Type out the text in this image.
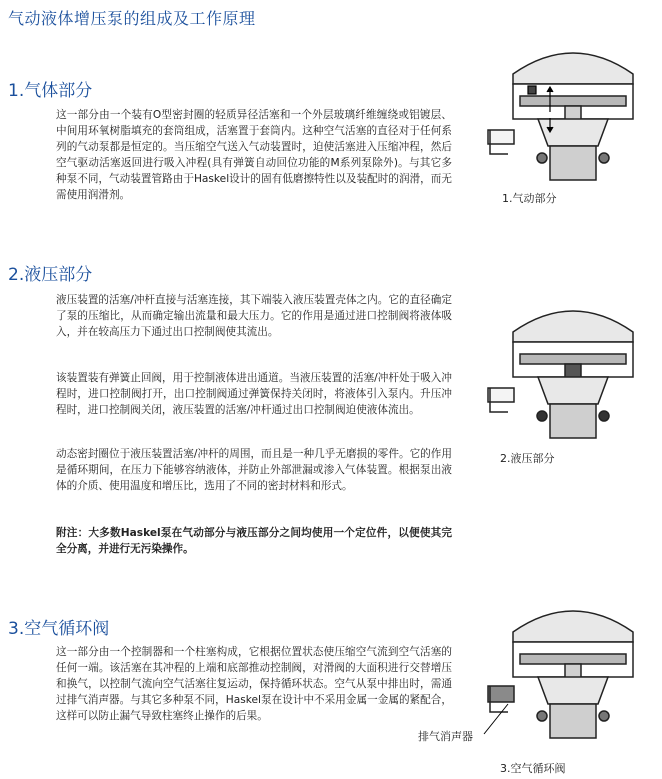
气动液体增压泵的组成及工作原理
1.气体部分

这一部分由一个装有O型密封圈的轻质异径活塞和一个外层玻璃纤维缠绕或铝镀层、中间用环氧树脂填充的套筒组成，活塞置于套筒内。这种空气活塞的直径对于任何系列的气动泵都是恒定的。当压缩空气送入气动装置时，迫使活塞进入压缩冲程，然后空气驱动活塞返回进行吸入冲程(具有弹簧自动回位功能的M系列泵除外)。与其它多种泵不同，气动装置管路由于Haskel设计的固有低磨擦特性以及装配时的润滑，而无需使用润滑剂。	1.气动部分
2.液压部分

液压装置的活塞/冲杆直接与活塞连接，其下端装入液压装置壳体之内。它的直径确定了泵的压缩比，从而确定输出流量和最大压力。它的作用是通过进口控制阀将液体吸入，并在较高压力下通过出口控制阀使其流出。

该装置装有弹簧止回阀，用于控制液体进出通道。当液压装置的活塞/冲杆处于吸入冲程时，进口控制阀打开，出口控制阀通过弹簧保持关闭时，将液体引入泵内。升压冲程时，进口控制阀关闭，液压装置的活塞/冲杆通过出口控制阀迫使液体流出。

动态密封圈位于液压装置活塞/冲杆的周围，而且是一种几乎无磨损的零件。它的作用是循环期间，在压力下能够容纳液体，并防止外部泄漏或渗入气体装置。根据泵出液体的介质、使用温度和增压比，选用了不同的密封材料和形式。

附注：大多数Haskel泵在气动部分与液压部分之间均使用一个定位件，以便使其完全分离，并进行无污染操作。

2.液压部分
3.空气循环阀

这一部分由一个控制器和一个柱塞构成，它根据位置状态使压缩空气流到空气活塞的任何一端。该活塞在其冲程的上端和底部推动控制阀，对滑阀的大面积进行交替增压和换气，以控制气流向空气活塞往复运动，保持循环状态。空气从泵中排出时，需通过排气消声器。与其它多种泵不同，Haskel泵在设计中不采用金属一金属的紧配合，这样可以防止漏气导致柱塞终止操作的后果。

排气消声器
3.空气循环阀
